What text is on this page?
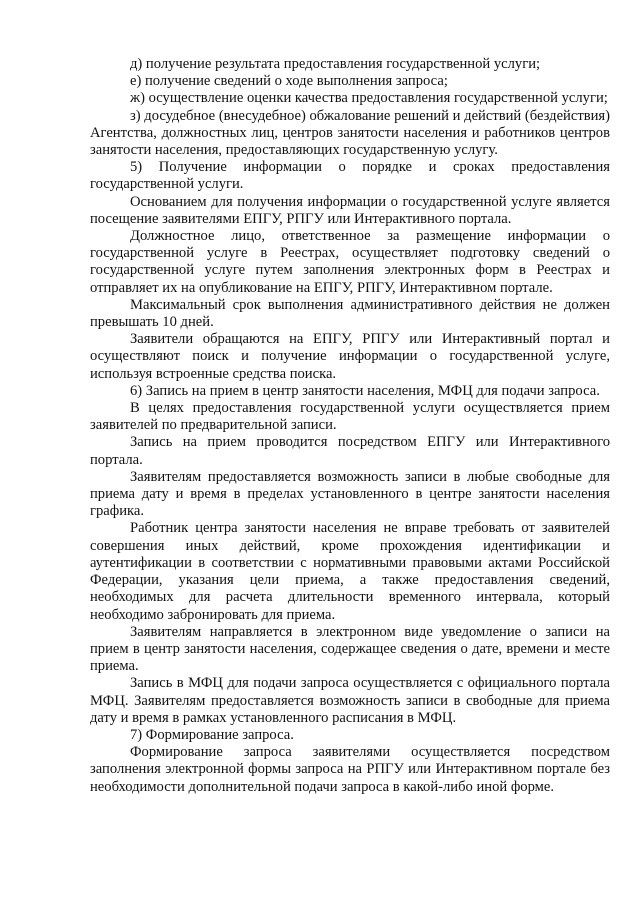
д) получение результата предоставления государственной услуги;

е) получение сведений о ходе выполнения запроса;

ж) осуществление оценки качества предоставления государственной услуги;

з) досудебное (внесудебное) обжалование решений и действий (бездействия) Агентства, должностных лиц, центров занятости населения и работников центров занятости населения, предоставляющих государственную услугу.

5) Получение информации о порядке и сроках предоставления государственной услуги.

Основанием для получения информации о государственной услуге является посещение заявителями ЕПГУ, РПГУ или Интерактивного портала.

Должностное лицо, ответственное за размещение информации о государственной услуге в Реестрах, осуществляет подготовку сведений о государственной услуге путем заполнения электронных форм в Реестрах и отправляет их на опубликование на ЕПГУ, РПГУ, Интерактивном портале.

Максимальный срок выполнения административного действия не должен превышать 10 дней.

Заявители обращаются на ЕПГУ, РПГУ или Интерактивный портал и осуществляют поиск и получение информации о государственной услуге, используя встроенные средства поиска.

6) Запись на прием в центр занятости населения, МФЦ для подачи запроса.

В целях предоставления государственной услуги осуществляется прием заявителей по предварительной записи.

Запись на прием проводится посредством ЕПГУ или Интерактивного портала.

Заявителям предоставляется возможность записи в любые свободные для приема дату и время в пределах установленного в центре занятости населения графика.

Работник центра занятости населения не вправе требовать от заявителей совершения иных действий, кроме прохождения идентификации и аутентификации в соответствии с нормативными правовыми актами Российской Федерации, указания цели приема, а также предоставления сведений, необходимых для расчета длительности временного интервала, который необходимо забронировать для приема.

Заявителям направляется в электронном виде уведомление о записи на прием в центр занятости населения, содержащее сведения о дате, времени и месте приема.

Запись в МФЦ для подачи запроса осуществляется с официального портала МФЦ. Заявителям предоставляется возможность записи в свободные для приема дату и время в рамках установленного расписания в МФЦ.

7) Формирование запроса.

Формирование запроса заявителями осуществляется посредством заполнения электронной формы запроса на РПГУ или Интерактивном портале без необходимости дополнительной подачи запроса в какой-либо иной форме.
